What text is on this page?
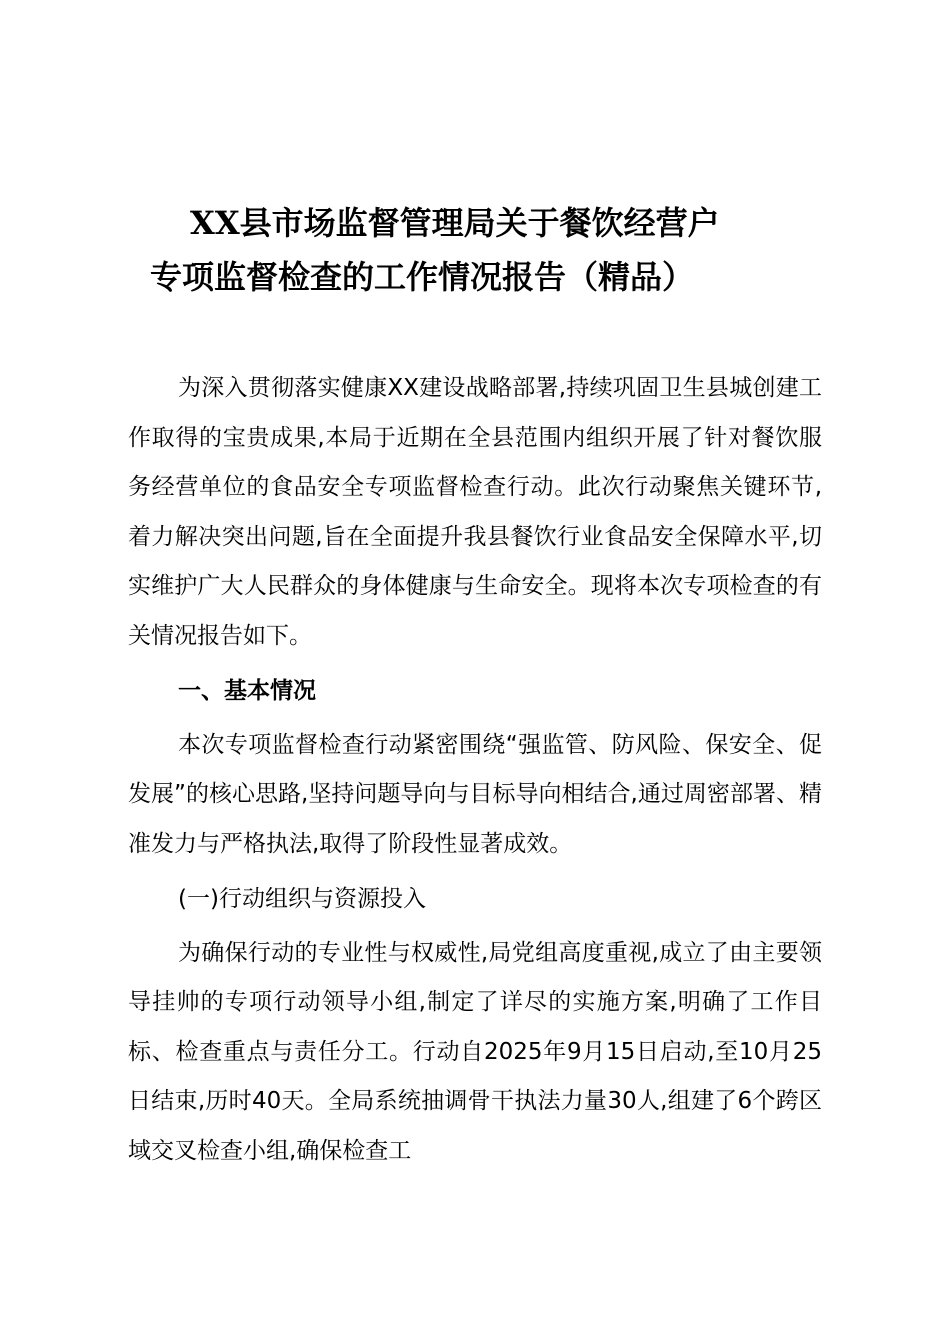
XX县市场监督管理局关于餐饮经营户
专项监督检查的工作情况报告（精品）

为深入贯彻落实健康XX建设战略部署,持续巩固卫生县城创建工作取得的宝贵成果,本局于近期在全县范围内组织开展了针对餐饮服务经营单位的食品安全专项监督检查行动。此次行动聚焦关键环节,着力解决突出问题,旨在全面提升我县餐饮行业食品安全保障水平,切实维护广大人民群众的身体健康与生命安全。现将本次专项检查的有关情况报告如下。

一、基本情况

本次专项监督检查行动紧密围绕“强监管、防风险、保安全、促发展”的核心思路,坚持问题导向与目标导向相结合,通过周密部署、精准发力与严格执法,取得了阶段性显著成效。

(一)行动组织与资源投入

为确保行动的专业性与权威性,局党组高度重视,成立了由主要领导挂帅的专项行动领导小组,制定了详尽的实施方案,明确了工作目标、检查重点与责任分工。行动自2025年9月15日启动,至10月25日结束,历时40天。全局系统抽调骨干执法力量30人,组建了6个跨区域交叉检查小组,确保检查工
